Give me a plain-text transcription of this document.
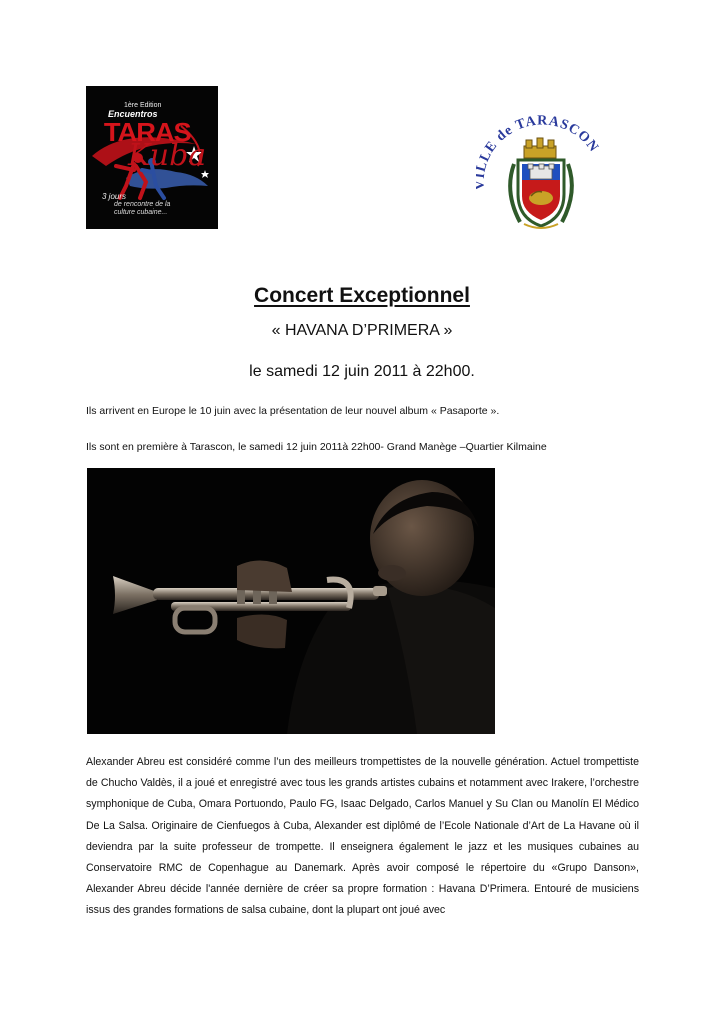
1ère Edition
Encuentros
TARAS
Kuba
3 jours
de rencontre de la
culture cubaine...
LE de TARASCON
Concert Exceptionnel
« HAVANA D’PRIMERA »
le samedi 12 juin 2011 à 22h00.
Ils arrivent en Europe le 10 juin avec la présentation de leur nouvel album « Pasaporte ».
Ils sont en première à Tarascon, le samedi 12 juin 2011à 22h00- Grand Manège –Quartier Kilmaine

Alexander Abreu est considéré comme l’un des meilleurs trompettistes de la nouvelle génération. Actuel trompettiste de Chucho Valdès, il a joué et enregistré avec tous les grands artistes cubains et notamment avec Irakere, l’orchestre symphonique de Cuba, Omara Portuondo, Paulo FG, Isaac Delgado, Carlos Manuel y Su Clan ou Manolín El Médico De La Salsa. Originaire de Cienfuegos à Cuba, Alexander est diplômé de l’Ecole Nationale d’Art de La Havane où il deviendra par la suite professeur de trompette. Il enseignera également le jazz et les musiques cubaines au Conservatoire RMC de Copenhague au Danemark. Après avoir composé le répertoire du «Grupo Danson», Alexander Abreu décide l'année dernière de créer sa propre formation : Havana D’Primera. Entouré de musiciens issus des grandes formations de salsa cubaine, dont la plupart ont joué avec
